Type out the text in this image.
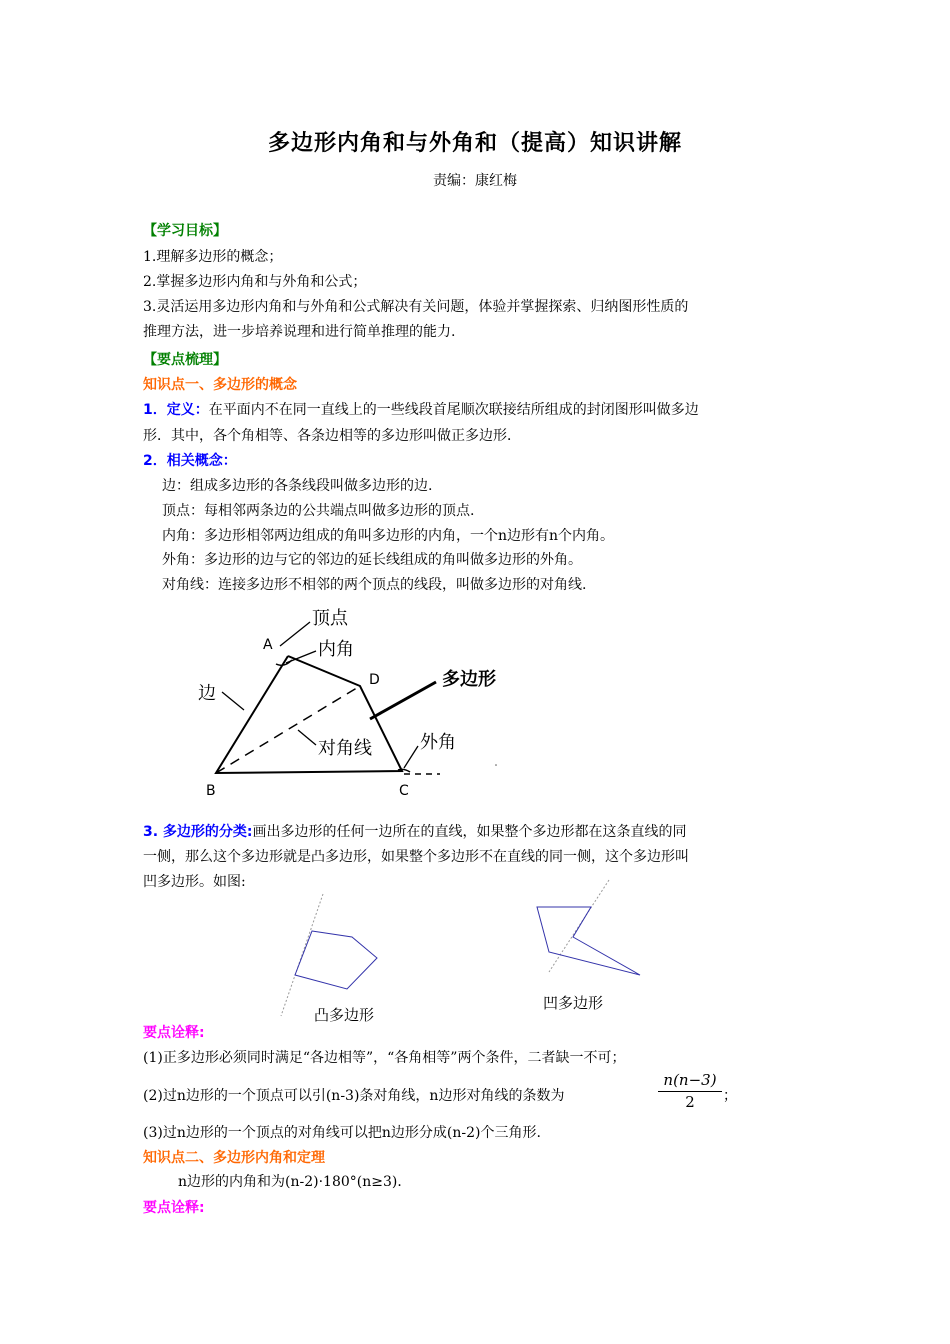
多边形内角和与外角和（提高）知识讲解
责编：康红梅
【学习目标】
1.理解多边形的概念；
2.掌握多边形内角和与外角和公式；
3.灵活运用多边形内角和与外角和公式解决有关问题，体验并掌握探索、归纳图形性质的
推理方法，进一步培养说理和进行简单推理的能力.
【要点梳理】
知识点一、多边形的概念
1．定义：在平面内不在同一直线上的一些线段首尾顺次联接结所组成的封闭图形叫做多边
形．其中，各个角相等、各条边相等的多边形叫做正多边形．
2．相关概念：
边：组成多边形的各条线段叫做多边形的边.
顶点：每相邻两条边的公共端点叫做多边形的顶点.
内角：多边形相邻两边组成的角叫多边形的内角，一个n边形有n个内角。
外角：多边形的边与它的邻边的延长线组成的角叫做多边形的外角。
对角线：连接多边形不相邻的两个顶点的线段，叫做多边形的对角线.
顶点
内角
多边形
边
对角线	外角
A
D
B	C
凸多边形
凹多边形
3. 多边形的分类:画出多边形的任何一边所在的直线，如果整个多边形都在这条直线的同
一侧，那么这个多边形就是凸多边形，如果整个多边形不在直线的同一侧，这个多边形叫
凹多边形。如图:
要点诠释:
(1)正多边形必须同时满足“各边相等”，“各角相等”两个条件，二者缺一不可；
(2)过n边形的一个顶点可以引(n-3)条对角线，n边形对角线的条数为	$\frac{n(n-3)}{2}$ ；
(3)过n边形的一个顶点的对角线可以把n边形分成(n-2)个三角形.
知识点二、多边形内角和定理
n边形的内角和为(n-2)·180°(n≥3)．
要点诠释:
